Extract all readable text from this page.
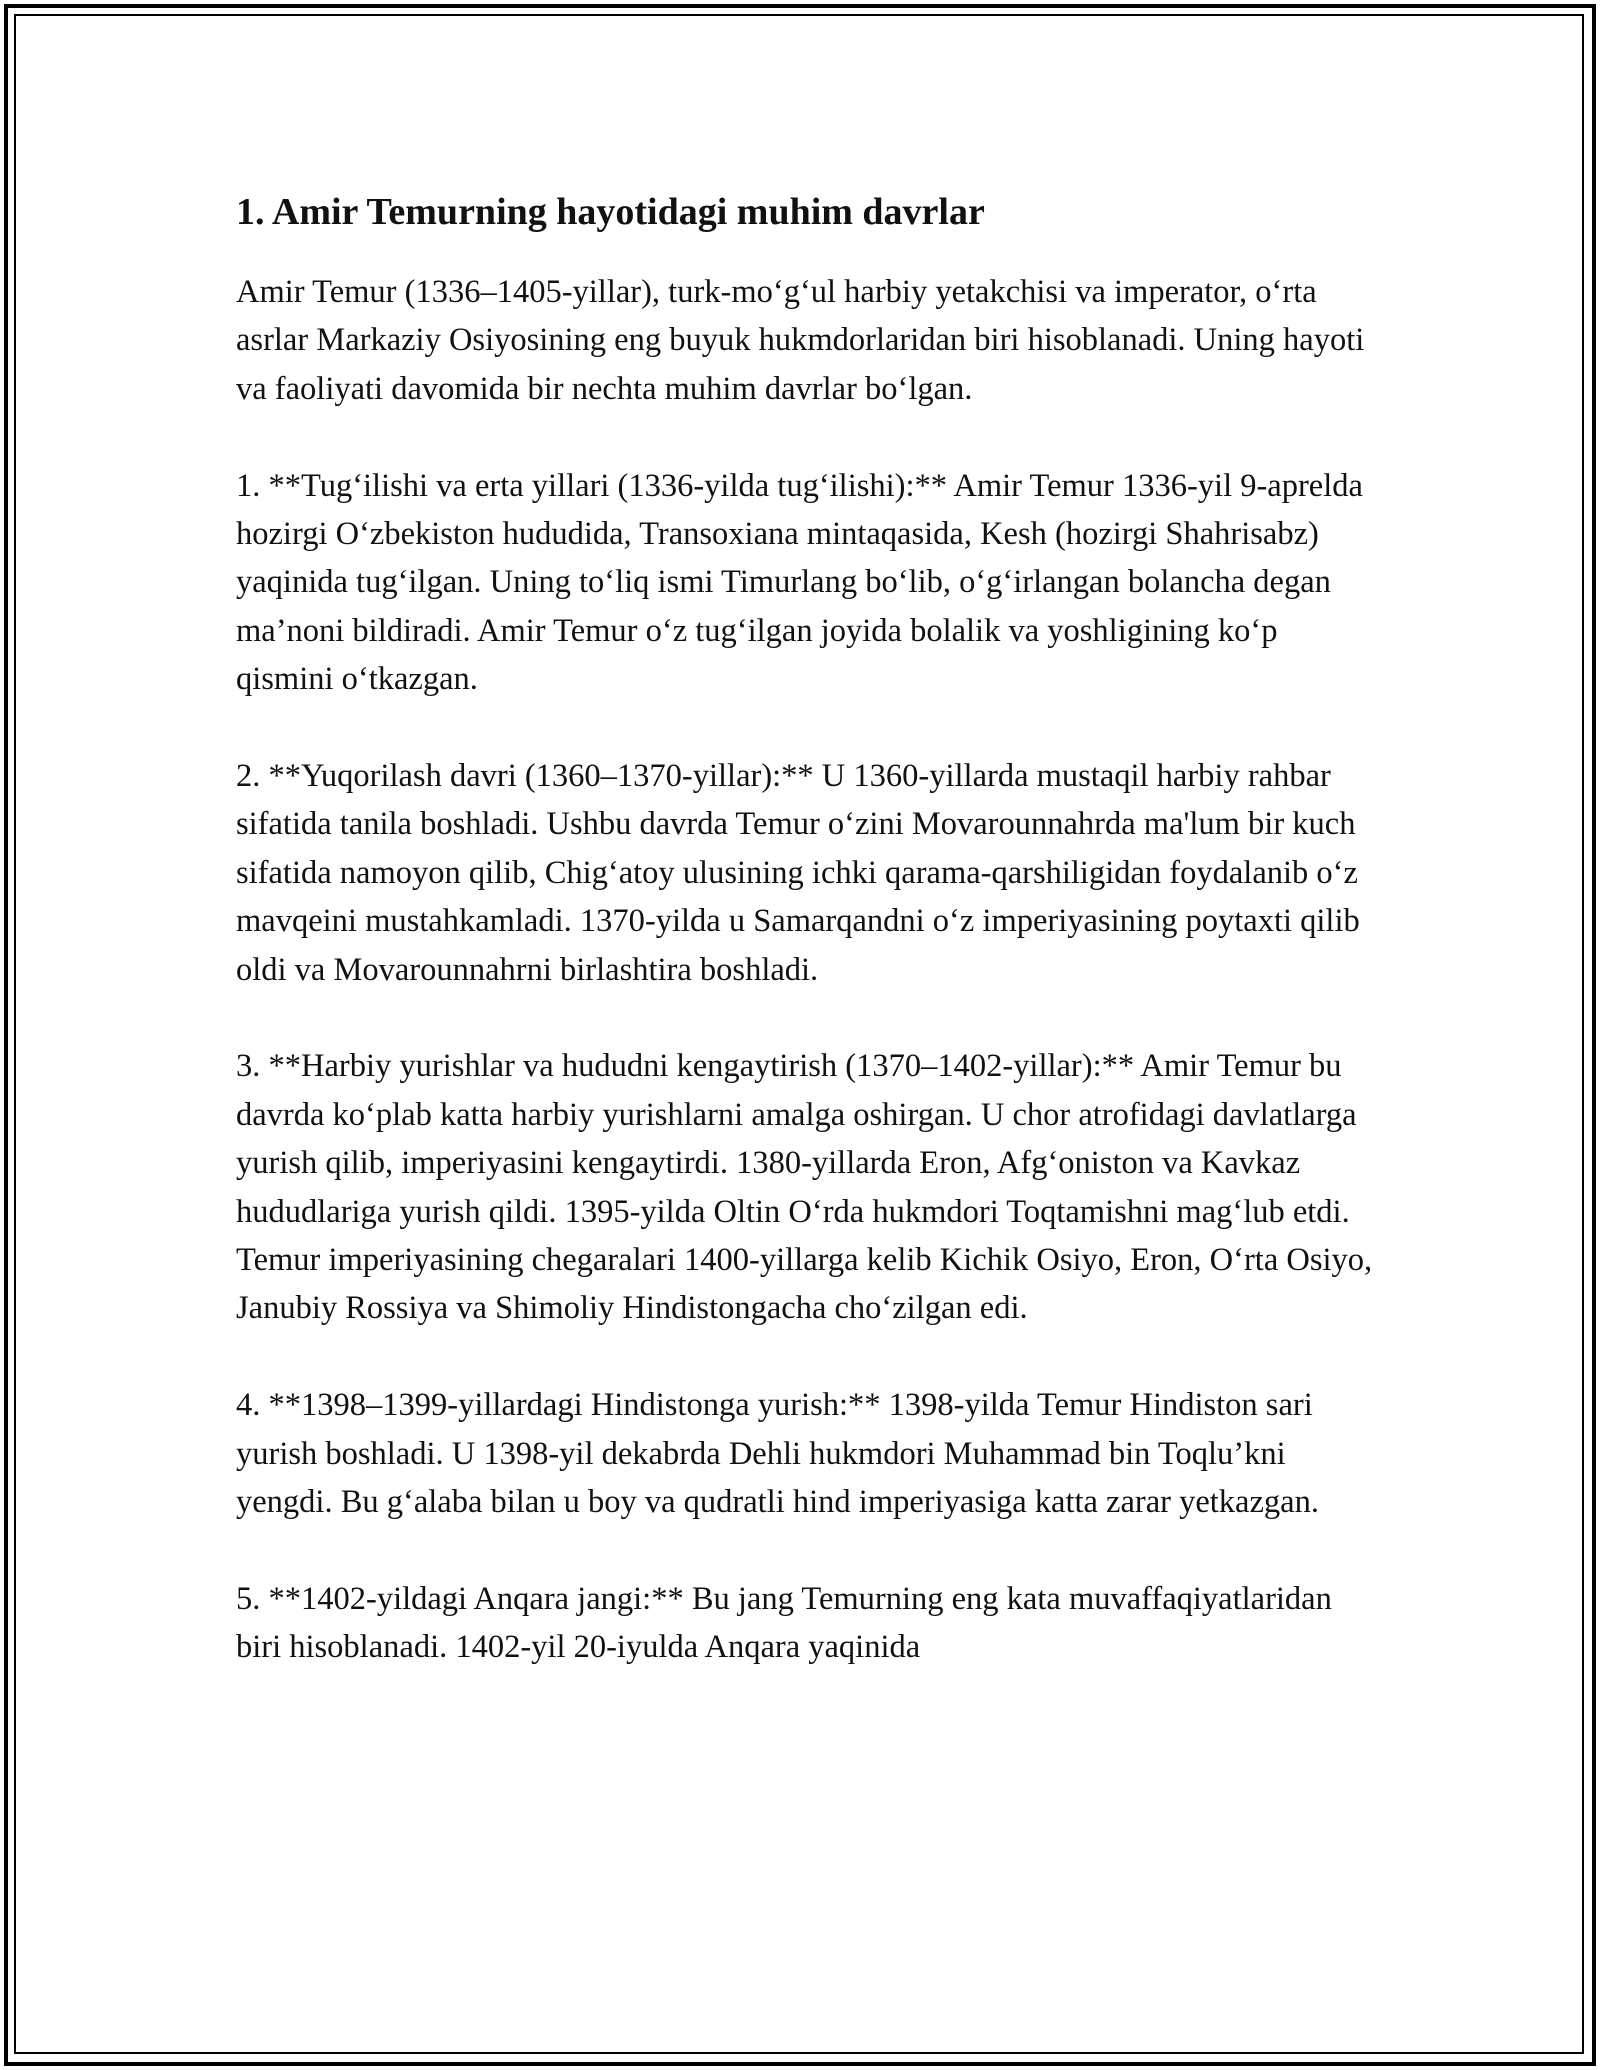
1. Amir Temurning hayotidagi muhim davrlar

Amir Temur (1336–1405-yillar), turk-mo‘g‘ul harbiy yetakchisi va imperator, o‘rta asrlar Markaziy Osiyosining eng buyuk hukmdorlaridan biri hisoblanadi. Uning hayoti va faoliyati davomida bir nechta muhim davrlar bo‘lgan.

1. **Tug‘ilishi va erta yillari (1336-yilda tug‘ilishi):** Amir Temur 1336-yil 9-aprelda hozirgi O‘zbekiston hududida, Transoxiana mintaqasida, Kesh (hozirgi Shahrisabz) yaqinida tug‘ilgan. Uning to‘liq ismi Timurlang bo‘lib, o‘g‘irlangan bolancha degan ma’noni bildiradi. Amir Temur o‘z tug‘ilgan joyida bolalik va yoshligining ko‘p qismini o‘tkazgan.

2. **Yuqorilash davri (1360–1370-yillar):** U 1360-yillarda mustaqil harbiy rahbar sifatida tanila boshladi. Ushbu davrda Temur o‘zini Movarounnahrda ma'lum bir kuch sifatida namoyon qilib, Chig‘atoy ulusining ichki qarama-qarshiligidan foydalanib o‘z mavqeini mustahkamladi. 1370-yilda u Samarqandni o‘z imperiyasining poytaxti qilib oldi va Movarounnahrni birlashtira boshladi.

3. **Harbiy yurishlar va hududni kengaytirish (1370–1402-yillar):** Amir Temur bu davrda ko‘plab katta harbiy yurishlarni amalga oshirgan. U chor atrofidagi davlatlarga yurish qilib, imperiyasini kengaytirdi. 1380-yillarda Eron, Afg‘oniston va Kavkaz hududlariga yurish qildi. 1395-yilda Oltin O‘rda hukmdori Toqtamishni mag‘lub etdi. Temur imperiyasining chegaralari 1400-yillarga kelib Kichik Osiyo, Eron, O‘rta Osiyo, Janubiy Rossiya va Shimoliy Hindistongacha cho‘zilgan edi.

4. **1398–1399-yillardagi Hindistonga yurish:** 1398-yilda Temur Hindiston sari yurish boshladi. U 1398-yil dekabrda Dehli hukmdori Muhammad bin Toqlu’kni yengdi. Bu g‘alaba bilan u boy va qudratli hind imperiyasiga katta zarar yetkazgan.

5. **1402-yildagi Anqara jangi:** Bu jang Temurning eng kata muvaffaqiyatlaridan biri hisoblanadi. 1402-yil 20-iyulda Anqara yaqinida
